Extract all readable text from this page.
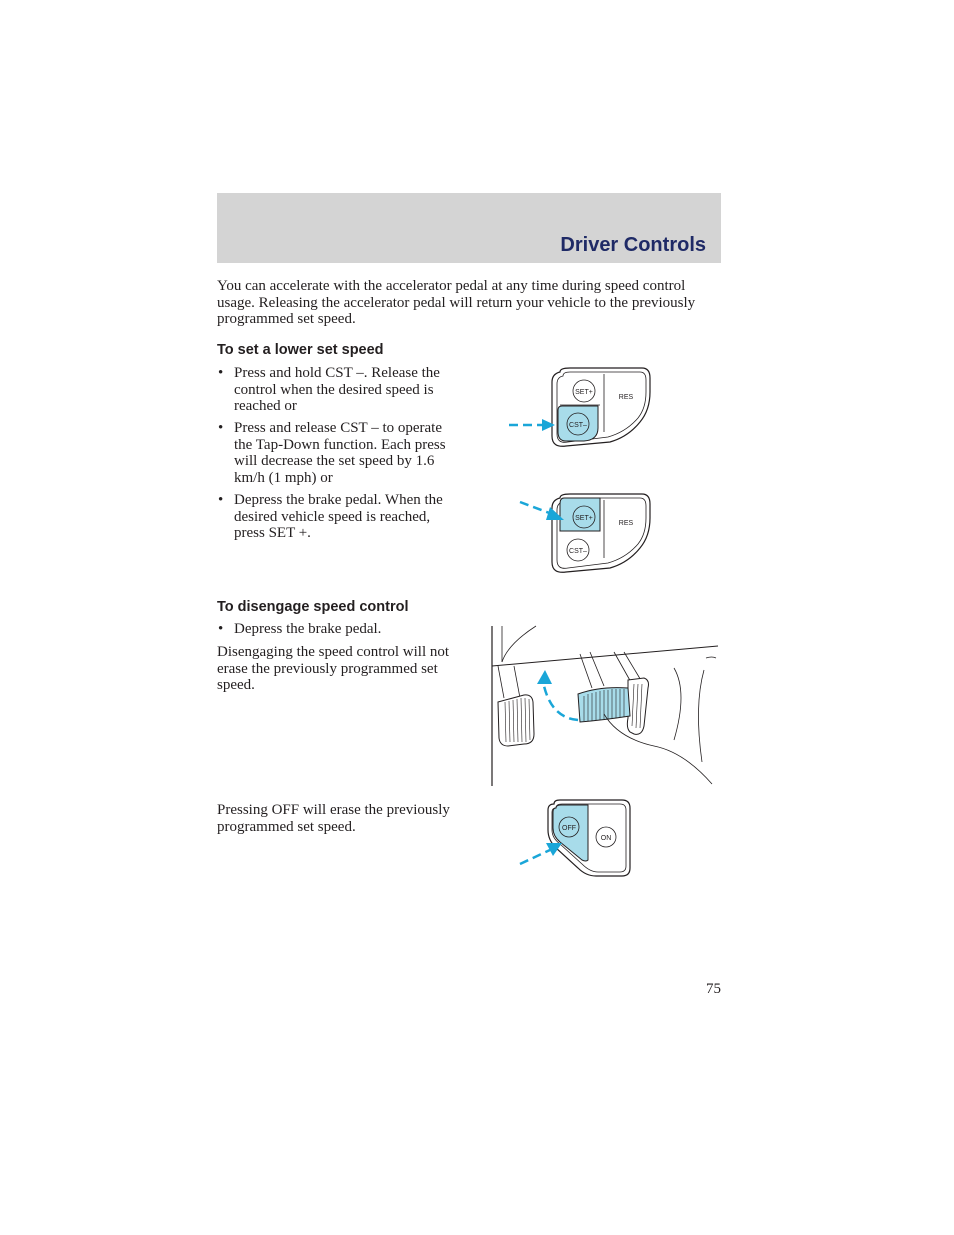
Driver Controls

You can accelerate with the accelerator pedal at any time during speed control usage. Releasing the accelerator pedal will return your vehicle to the previously programmed set speed.

To set a lower set speed

• Press and hold CST –. Release the control when the desired speed is reached or

• Press and release CST – to operate the Tap-Down function. Each press will decrease the set speed by 1.6 km/h (1 mph) or

• Depress the brake pedal. When the desired vehicle speed is reached, press SET +.

SET+
CST–
RES
SET+
CST–
RES

To disengage speed control

• Depress the brake pedal.

Disengaging the speed control will not erase the previously programmed set speed.

Pressing OFF will erase the previously programmed set speed.	OFF
ON
75
